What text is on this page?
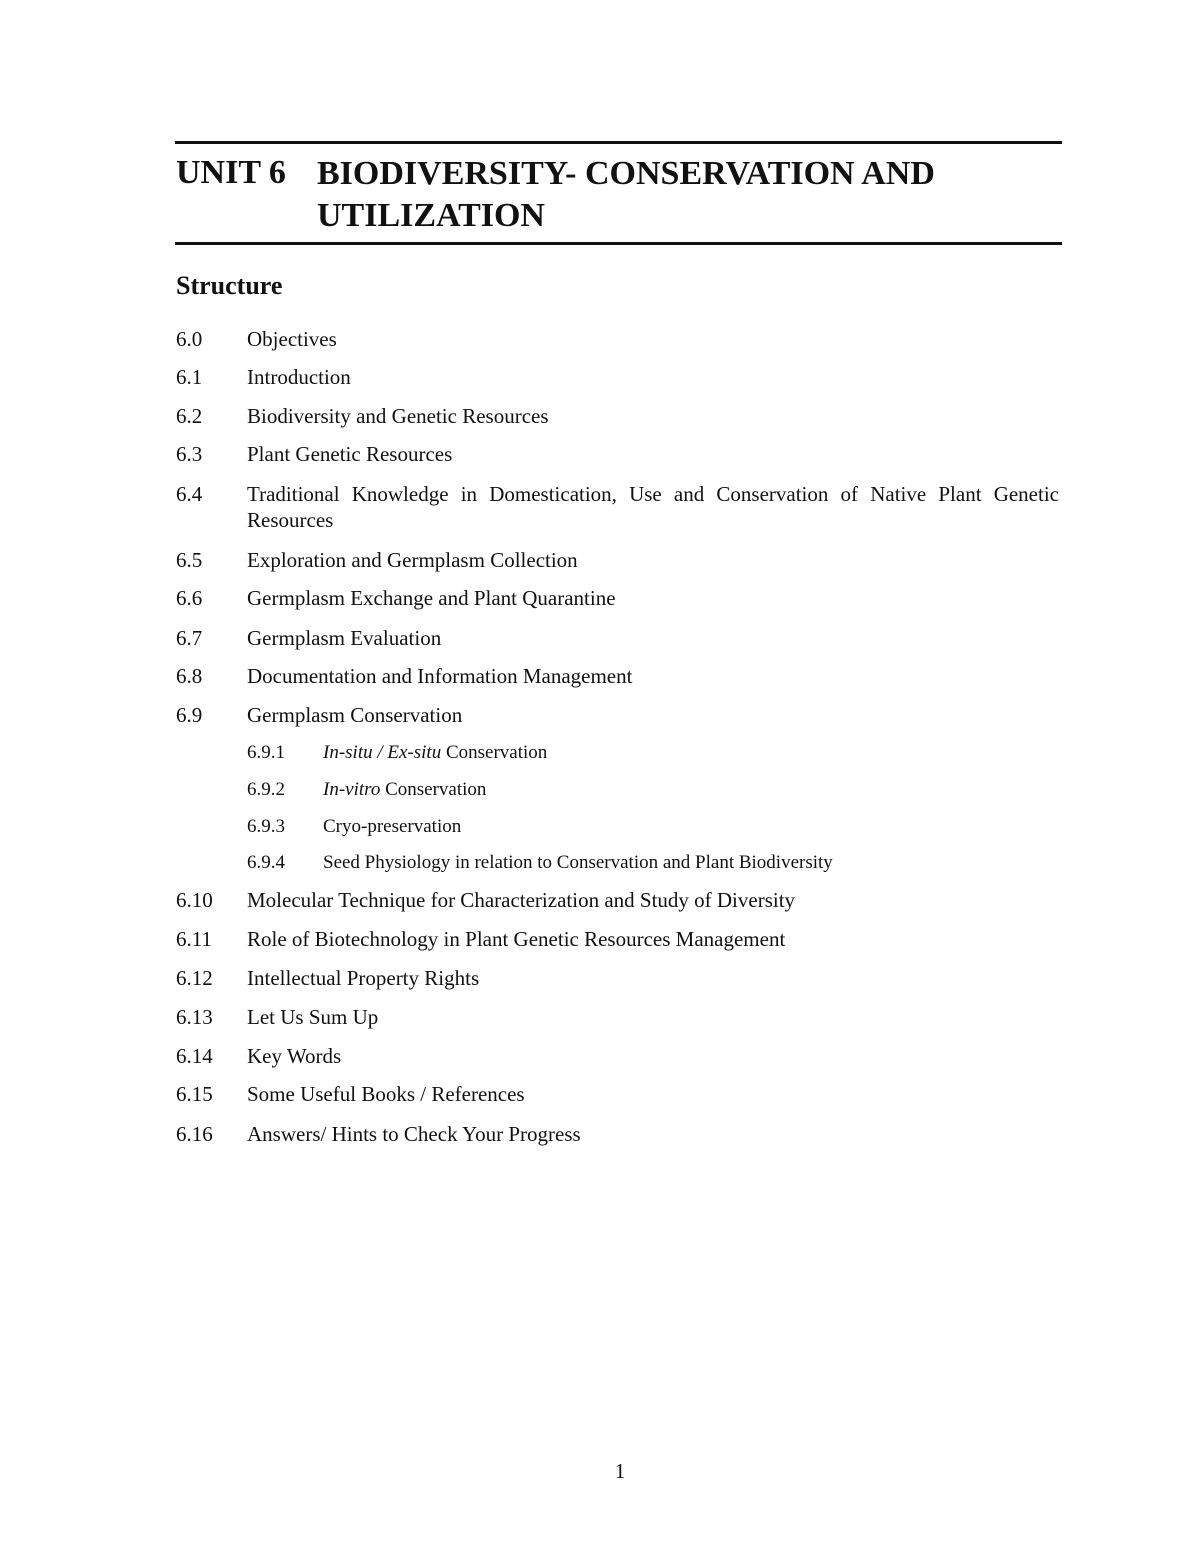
UNIT 6 BIODIVERSITY- CONSERVATION AND
UTILIZATION
Structure
6.0 Objectives
6.1 Introduction
6.2 Biodiversity and Genetic Resources
6.3 Plant Genetic Resources
6.4 Traditional Knowledge in Domestication, Use and Conservation of Native Plant Genetic Resources
6.5 Exploration and Germplasm Collection
6.6 Germplasm Exchange and Plant Quarantine
6.7 Germplasm Evaluation
6.8 Documentation and Information Management
6.9 Germplasm Conservation
6.9.1 In-situ / Ex-situ Conservation
6.9.2 In-vitro Conservation
6.9.3 Cryo-preservation
6.9.4 Seed Physiology in relation to Conservation and Plant Biodiversity
6.10 Molecular Technique for Characterization and Study of Diversity
6.11 Role of Biotechnology in Plant Genetic Resources Management
6.12 Intellectual Property Rights
6.13 Let Us Sum Up
6.14 Key Words
6.15 Some Useful Books / References
6.16 Answers/ Hints to Check Your Progress
1
